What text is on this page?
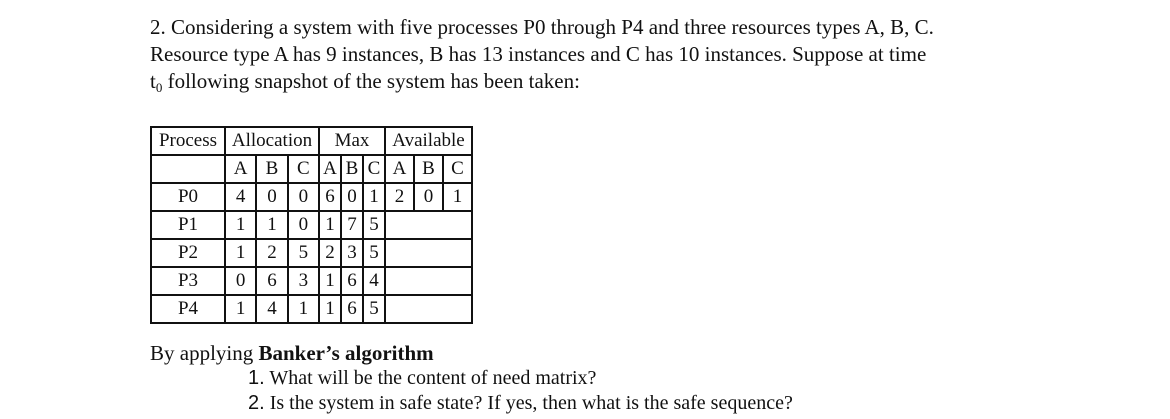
2. Considering a system with five processes P0 through P4 and three resources types A, B, C.

Resource type A has 9 instances, B has 13 instances and C has 10 instances. Suppose at time

$t_0$ following snapshot of the system has been taken:

Process	Allocation			Max			Available		
	A	B	C	A	B	C	A	B	C
P0	4	0	0	6	0	1	2	0	1
P1	1	1	0	1	7	5			
P2	1	2	5	2	3	5			
P3	0	6	3	1	6	4			
P4	1	4	1	1	6	5			
By applying Banker’s algorithm
1. What will be the content of need matrix?
2. Is the system in safe state? If yes, then what is the safe sequence?
